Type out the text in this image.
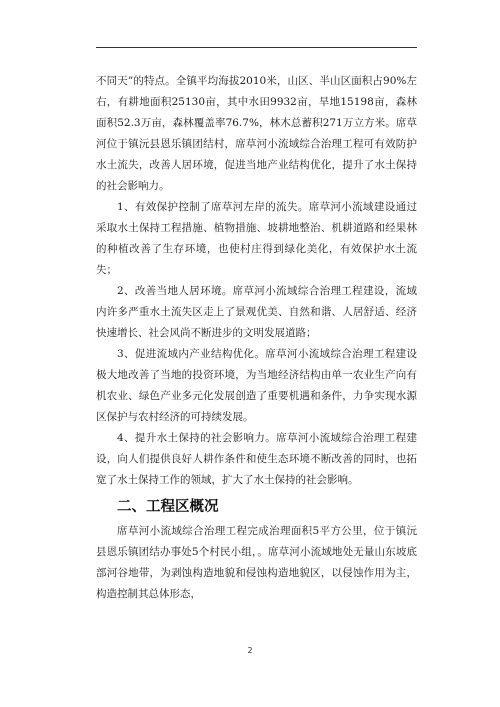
不同天”的特点。全镇平均海拔2010米，山区、半山区面积占90%左右，有耕地面积25130亩，其中水田9932亩，旱地15198亩，森林面积52.3万亩，森林覆盖率76.7%，林木总蓄积271万立方米。席草河位于镇沅县恩乐镇团结村，席草河小流域综合治理工程可有效防护水土流失，改善人居环境，促进当地产业结构优化，提升了水土保持的社会影响力。

1、有效保护控制了席草河左岸的流失。席草河小流域建设通过采取水土保持工程措施、植物措施、坡耕地整治、机耕道路和经果林的种植改善了生存环境，也使村庄得到绿化美化，有效保护水土流失；

2、改善当地人居环境。席草河小流域综合治理工程建设，流域内许多严重水土流失区走上了景观优美、自然和谐、人居舒适、经济快速增长、社会风尚不断进步的文明发展道路；

3、促进流域内产业结构优化。席草河小流域综合治理工程建设极大地改善了当地的投资环境，为当地经济结构由单一农业生产向有机农业、绿色产业多元化发展创造了重要机遇和条件，力争实现水源区保护与农村经济的可持续发展。

4、提升水土保持的社会影响力。席草河小流域综合治理工程建设，向人们提供良好人耕作条件和使生态环境不断改善的同时，也拓宽了水土保持工作的领域，扩大了水土保持的社会影响。

二、工程区概况

席草河小流域综合治理工程完成治理面积5平方公里，位于镇沅县恩乐镇团结办事处5个村民小组，。席草河小流域地处无量山东坡底部河谷地带，为剥蚀构造地貌和侵蚀构造地貌区，以侵蚀作用为主，构造控制其总体形态，

2
